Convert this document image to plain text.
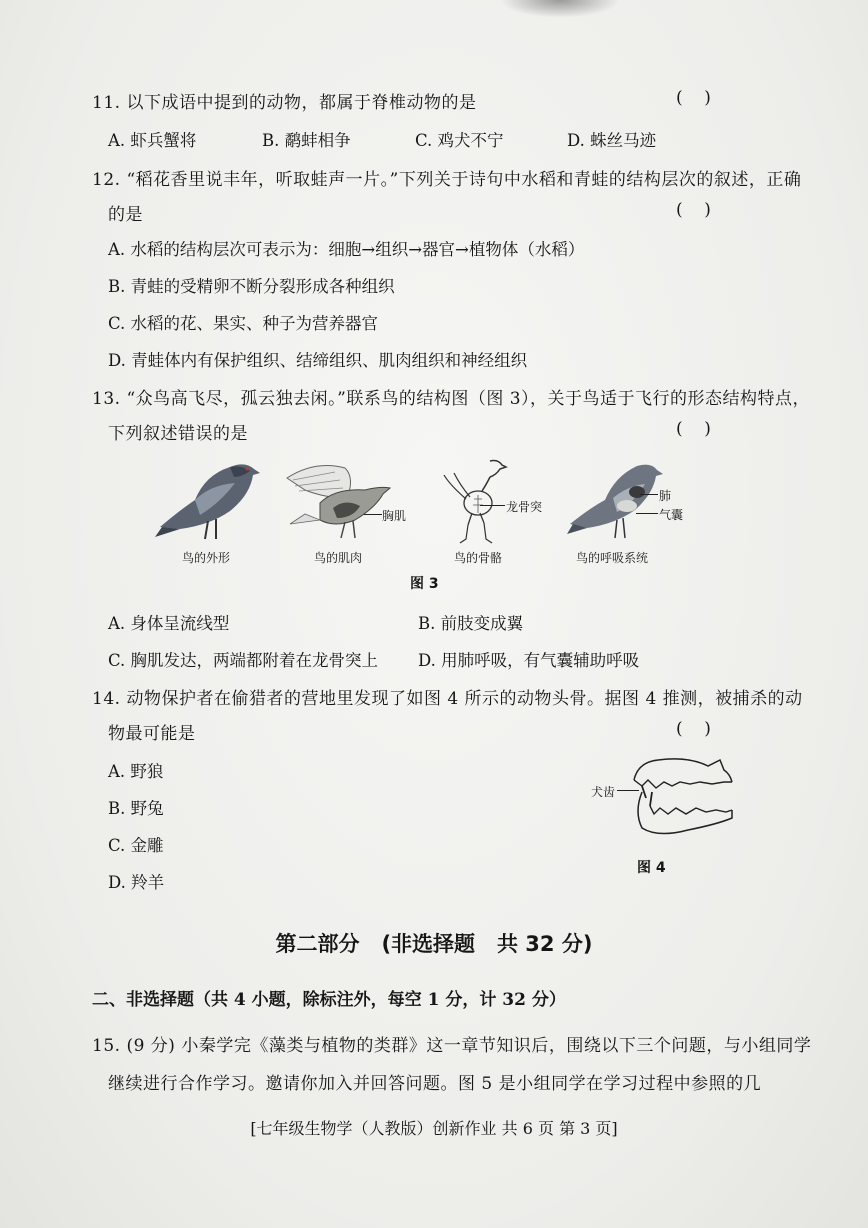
11. 以下成语中提到的动物，都属于脊椎动物的是	(    )
A. 虾兵蟹将	B. 鹬蚌相争	C. 鸡犬不宁	D. 蛛丝马迹
12. “稻花香里说丰年，听取蛙声一片。”下列关于诗句中水稻和青蛙的结构层次的叙述，正确
的是	(    )
A. 水稻的结构层次可表示为：细胞→组织→器官→植物体（水稻）
B. 青蛙的受精卵不断分裂形成各种组织
C. 水稻的花、果实、种子为营养器官
D. 青蛙体内有保护组织、结缔组织、肌肉组织和神经组织
13. “众鸟高飞尽，孤云独去闲。”联系鸟的结构图（图 3），关于鸟适于飞行的形态结构特点，
下列叙述错误的是	(    )
鸟的外形
胸肌
鸟的肌肉
龙骨突
鸟的骨骼
肺
气囊
鸟的呼吸系统
图 3
A. 身体呈流线型	B. 前肢变成翼
C. 胸肌发达，两端都附着在龙骨突上 D. 用肺呼吸，有气囊辅助呼吸
14. 动物保护者在偷猎者的营地里发现了如图 4 所示的动物头骨。据图 4 推测，被捕杀的动
物最可能是	(    )
A. 野狼
B. 野兔
C. 金雕
D. 羚羊
犬齿
图 4
第二部分   (非选择题   共 32 分)
二、非选择题（共 4 小题，除标注外，每空 1 分，计 32 分）
15. (9 分) 小秦学完《藻类与植物的类群》这一章节知识后，围绕以下三个问题，与小组同学
继续进行合作学习。邀请你加入并回答问题。图 5 是小组同学在学习过程中参照的几
[七年级生物学（人教版）创新作业 共 6 页 第 3 页]
